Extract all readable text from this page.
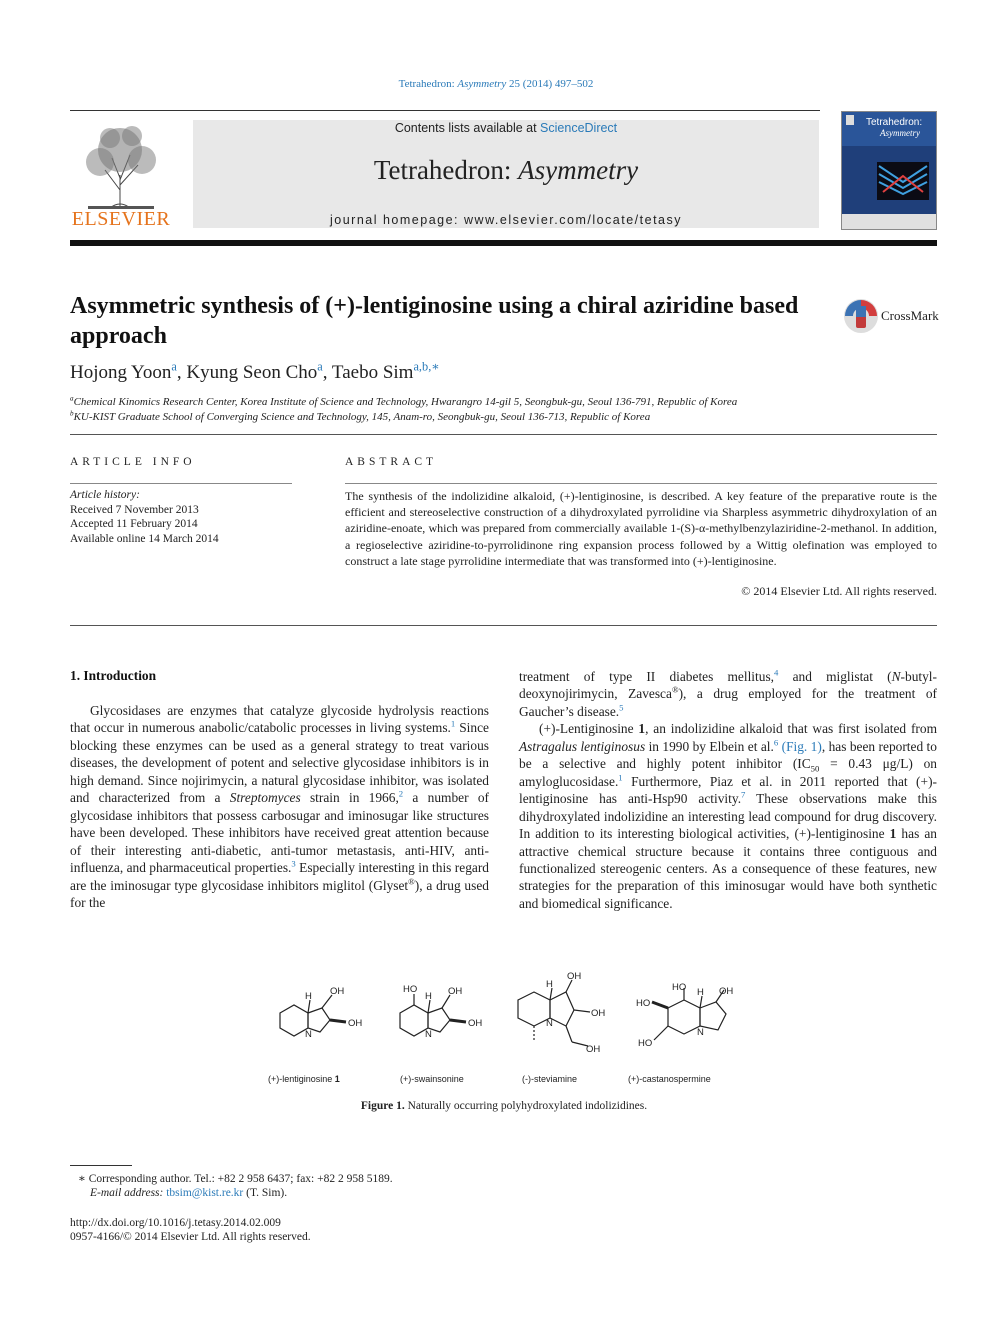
Tetrahedron: Asymmetry 25 (2014) 497–502
ELSEVIER
Contents lists available at ScienceDirect
Tetrahedron: Asymmetry
journal homepage: www.elsevier.com/locate/tetasy
Tetrahedron:
Asymmetry
Asymmetric synthesis of (+)-lentiginosine using a chiral aziridine based approach
CrossMark
Hojong Yoon$^a$, Kyung Seon Cho$^a$, Taebo Sim$^{a,b,∗}$
$^a$Chemical Kinomics Research Center, Korea Institute of Science and Technology, Hwarangro 14-gil 5, Seongbuk-gu, Seoul 136-791, Republic of Korea
$^b$KU-KIST Graduate School of Converging Science and Technology, 145, Anam-ro, Seongbuk-gu, Seoul 136-713, Republic of Korea
ARTICLE INFO
Article history:
Received 7 November 2013
Accepted 11 February 2014
Available online 14 March 2014
ABSTRACT
The synthesis of the indolizidine alkaloid, (+)-lentiginosine, is described. A key feature of the preparative route is the efficient and stereoselective construction of a dihydroxylated pyrrolidine via Sharpless asymmetric dihydroxylation of an aziridine-enoate, which was prepared from commercially available 1-(S)-α-methylbenzylaziridine-2-methanol. In addition, a regioselective aziridine-to-pyrrolidinone ring expansion process followed by a Wittig olefination was employed to construct a late stage pyrrolidine intermediate that was transformed into (+)-lentiginosine.
© 2014 Elsevier Ltd. All rights reserved.
1. Introduction

Glycosidases are enzymes that catalyze glycoside hydrolysis reactions that occur in numerous anabolic/catabolic processes in living systems.$^1$ Since blocking these enzymes can be used as a general strategy to treat various diseases, the development of potent and selective glycosidase inhibitors is in high demand. Since nojirimycin, a natural glycosidase inhibitor, was isolated and characterized from a Streptomyces strain in 1966,$^2$ a number of glycosidase inhibitors that possess carbosugar and iminosugar like structures have been developed. These inhibitors have received great attention because of their interesting anti-diabetic, anti-tumor metastasis, anti-HIV, anti-influenza, and pharmaceutical properties.$^3$ Especially interesting in this regard are the iminosugar type glycosidase inhibitors miglitol (Glyset®), a drug used for the

treatment of type II diabetes mellitus,$^4$ and miglistat (N-butyl-deoxynojirimycin, Zavesca®), a drug employed for the treatment of Gaucher’s disease.$^5$

(+)-Lentiginosine 1, an indolizidine alkaloid that was first isolated from Astragalus lentiginosus in 1990 by Elbein et al.$^6$ (Fig. 1), has been reported to be a selective and highly potent inhibitor ($IC_{50} = 0.43$ μg/L) on amyloglucosidase.$^1$ Furthermore, Piaz et al. in 2011 reported that (+)-lentiginosine has anti-Hsp90 activity.$^7$ These observations make this dihydroxylated indolizidine an interesting lead compound for drug discovery. In addition to its interesting biological activities, (+)-lentiginosine 1 has an attractive chemical structure because it contains three contiguous and functionalized stereogenic centers. As a consequence of these features, new strategies for the preparation of this iminosugar would have both synthetic and biomedical significance.

H OH
OH
N
HO
H OH
OH
N
H
OH
OH
OH
N
HO H OH
HO
HO
N
(+)-lentiginosine 1	(+)-swainsonine	(-)-steviamine	(+)-castanospermine
Figure 1. Naturally occurring polyhydroxylated indolizidines.
∗ Corresponding author. Tel.: +82 2 958 6437; fax: +82 2 958 5189.
E-mail address: tbsim@kist.re.kr (T. Sim).
http://dx.doi.org/10.1016/j.tetasy.2014.02.009
0957-4166/© 2014 Elsevier Ltd. All rights reserved.
